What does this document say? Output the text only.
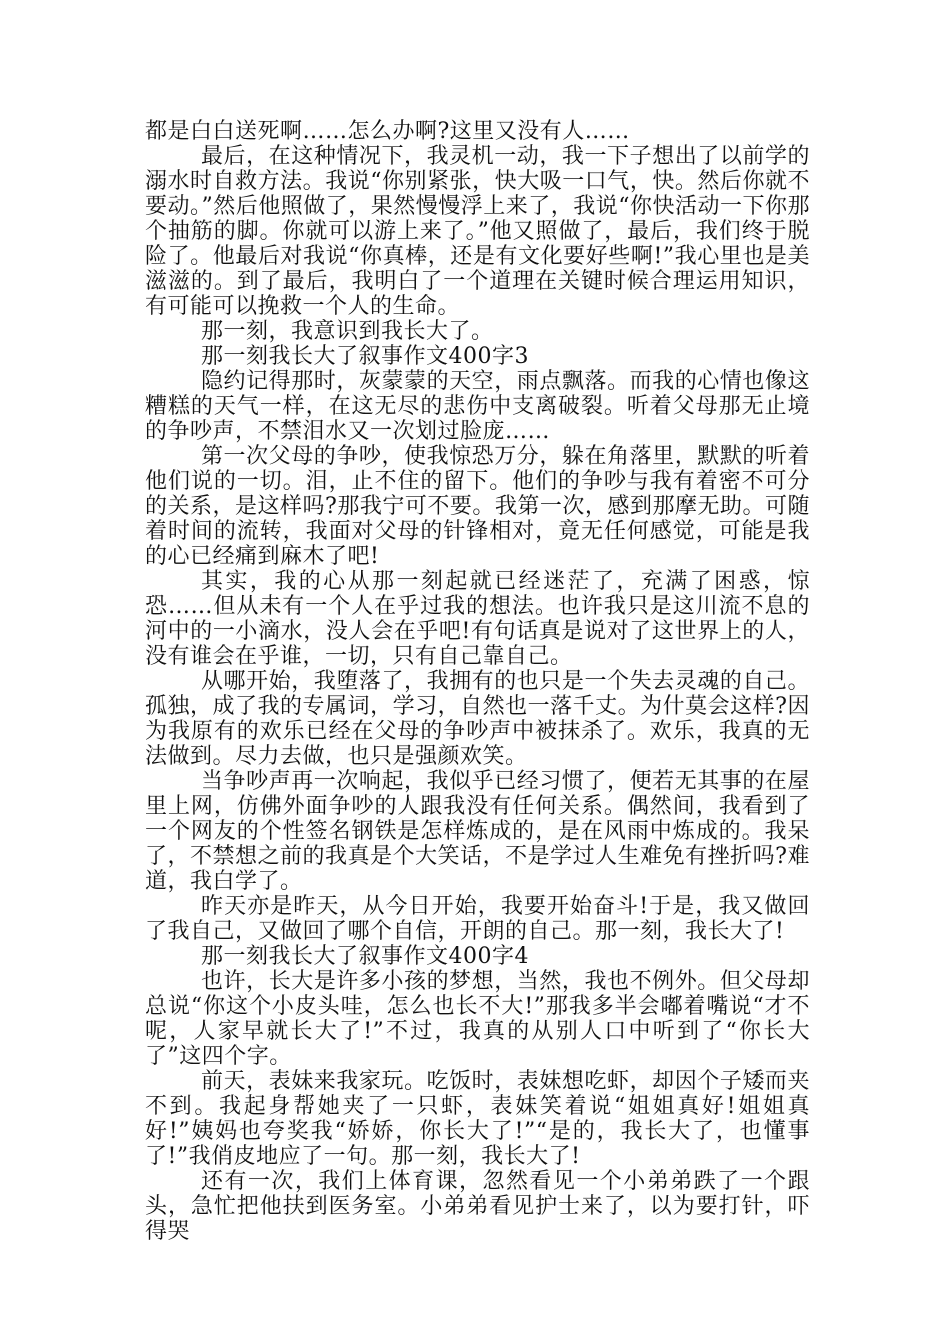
都是白白送死啊……怎么办啊?这里又没有人……

最后，在这种情况下，我灵机一动，我一下子想出了以前学的溺水时自救方法。我说“你别紧张，快大吸一口气，快。然后你就不要动。”然后他照做了，果然慢慢浮上来了，我说“你快活动一下你那个抽筋的脚。你就可以游上来了。”他又照做了，最后，我们终于脱险了。他最后对我说“你真棒，还是有文化要好些啊!”我心里也是美滋滋的。到了最后，我明白了一个道理在关键时候合理运用知识，有可能可以挽救一个人的生命。

那一刻，我意识到我长大了。

那一刻我长大了叙事作文400字3

隐约记得那时，灰蒙蒙的天空，雨点飘落。而我的心情也像这糟糕的天气一样，在这无尽的悲伤中支离破裂。听着父母那无止境的争吵声，不禁泪水又一次划过脸庞……

第一次父母的争吵，使我惊恐万分，躲在角落里，默默的听着他们说的一切。泪，止不住的留下。他们的争吵与我有着密不可分的关系，是这样吗?那我宁可不要。我第一次，感到那摩无助。可随着时间的流转，我面对父母的针锋相对，竟无任何感觉，可能是我的心已经痛到麻木了吧!

其实，我的心从那一刻起就已经迷茫了，充满了困惑，惊恐……但从未有一个人在乎过我的想法。也许我只是这川流不息的河中的一小滴水，没人会在乎吧!有句话真是说对了这世界上的人，没有谁会在乎谁，一切，只有自己靠自己。

从哪开始，我堕落了，我拥有的也只是一个失去灵魂的自己。孤独，成了我的专属词，学习，自然也一落千丈。为什莫会这样?因为我原有的欢乐已经在父母的争吵声中被抹杀了。欢乐，我真的无法做到。尽力去做，也只是强颜欢笑。

当争吵声再一次响起，我似乎已经习惯了，便若无其事的在屋里上网，仿佛外面争吵的人跟我没有任何关系。偶然间，我看到了一个网友的个性签名钢铁是怎样炼成的，是在风雨中炼成的。我呆了，不禁想之前的我真是个大笑话，不是学过人生难免有挫折吗?难道，我白学了。

昨天亦是昨天，从今日开始，我要开始奋斗!于是，我又做回了我自己，又做回了哪个自信，开朗的自己。那一刻，我长大了!

那一刻我长大了叙事作文400字4

也许，长大是许多小孩的梦想，当然，我也不例外。但父母却总说“你这个小皮头哇，怎么也长不大!”那我多半会嘟着嘴说“才不呢，人家早就长大了!”不过，我真的从别人口中听到了“你长大了”这四个字。

前天，表妹来我家玩。吃饭时，表妹想吃虾，却因个子矮而夹不到。我起身帮她夹了一只虾，表妹笑着说“姐姐真好!姐姐真好!”姨妈也夸奖我“娇娇，你长大了!”“是的，我长大了，也懂事了!”我俏皮地应了一句。那一刻，我长大了!

还有一次，我们上体育课，忽然看见一个小弟弟跌了一个跟头，急忙把他扶到医务室。小弟弟看见护士来了，以为要打针，吓得哭
